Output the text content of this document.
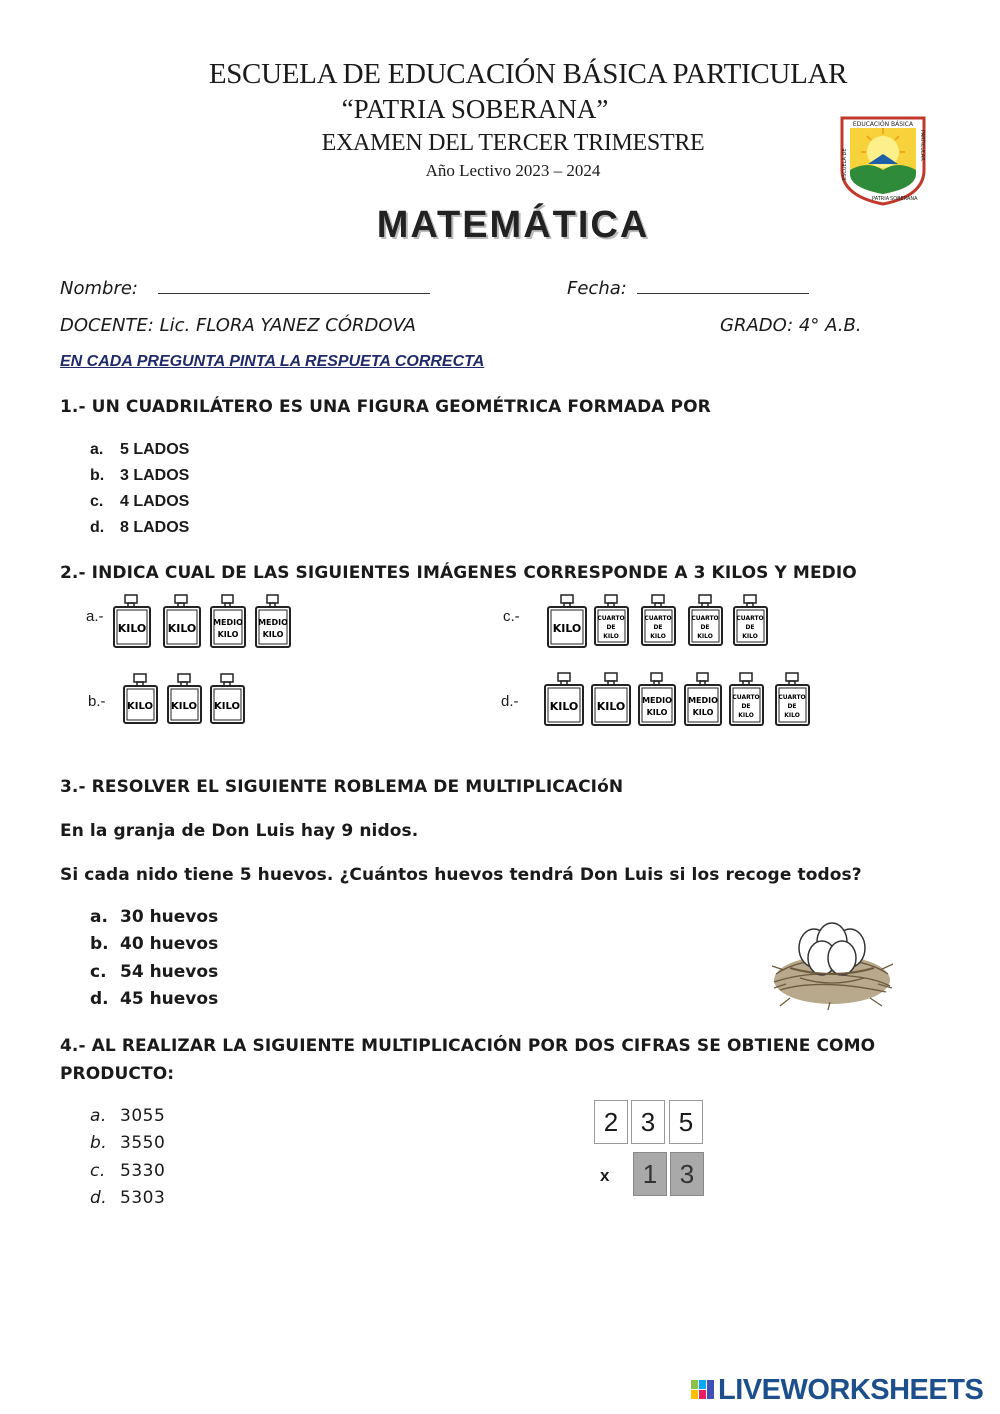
ESCUELA DE EDUCACIÓN BÁSICA PARTICULAR
“PATRIA SOBERANA”
EXAMEN DEL TERCER TRIMESTRE
Año Lectivo 2023 – 2024
EDUCACIÓN BÁSICA
ESCUELA DE
PARTICULAR
PATRIA SOBERANA
MATEMÁTICA
Nombre:	Fecha:
DOCENTE: Lic. FLORA YANEZ CÓRDOVA	GRADO: 4° A.B.
EN CADA PREGUNTA PINTA LA RESPUETA CORRECTA
1.- UN CUADRILÁTERO ES UNA FIGURA GEOMÉTRICA FORMADA POR
a.	5 LADOS
b. 3 LADOS
c.	4 LADOS
d. 8 LADOS
2.- INDICA CUAL DE LAS SIGUIENTES IMÁGENES CORRESPONDE A 3 KILOS Y MEDIO
a.-
b.-
c.-
d.-
KILO KILO MEDIO
KILO
MEDIO
KILO
KILO KILO KILO
KILO
CUARTO
DE
KILO
CUARTO
DE
KILO
CUARTO
DE
KILO
CUARTO
DE
KILO
KILO KILO MEDIO
KILO
MEDIO
KILO
CUARTO
DE
KILO
CUARTO
DE
KILO
3.- RESOLVER EL SIGUIENTE ROBLEMA DE MULTIPLICACIóN
En la granja de Don Luis hay 9 nidos.
Si cada nido tiene 5 huevos. ¿Cuántos huevos tendrá Don Luis si los recoge todos?
a. 30 huevos
b. 40 huevos
c. 54 huevos
d. 45 huevos
4.- AL REALIZAR LA SIGUIENTE MULTIPLICACIÓN POR DOS CIFRAS SE OBTIENE COMO
PRODUCTO:
a. 3055
b. 3550
c. 5330
d. 5303
2 3 5
x	1 3
LIVEWORKSHEETS
